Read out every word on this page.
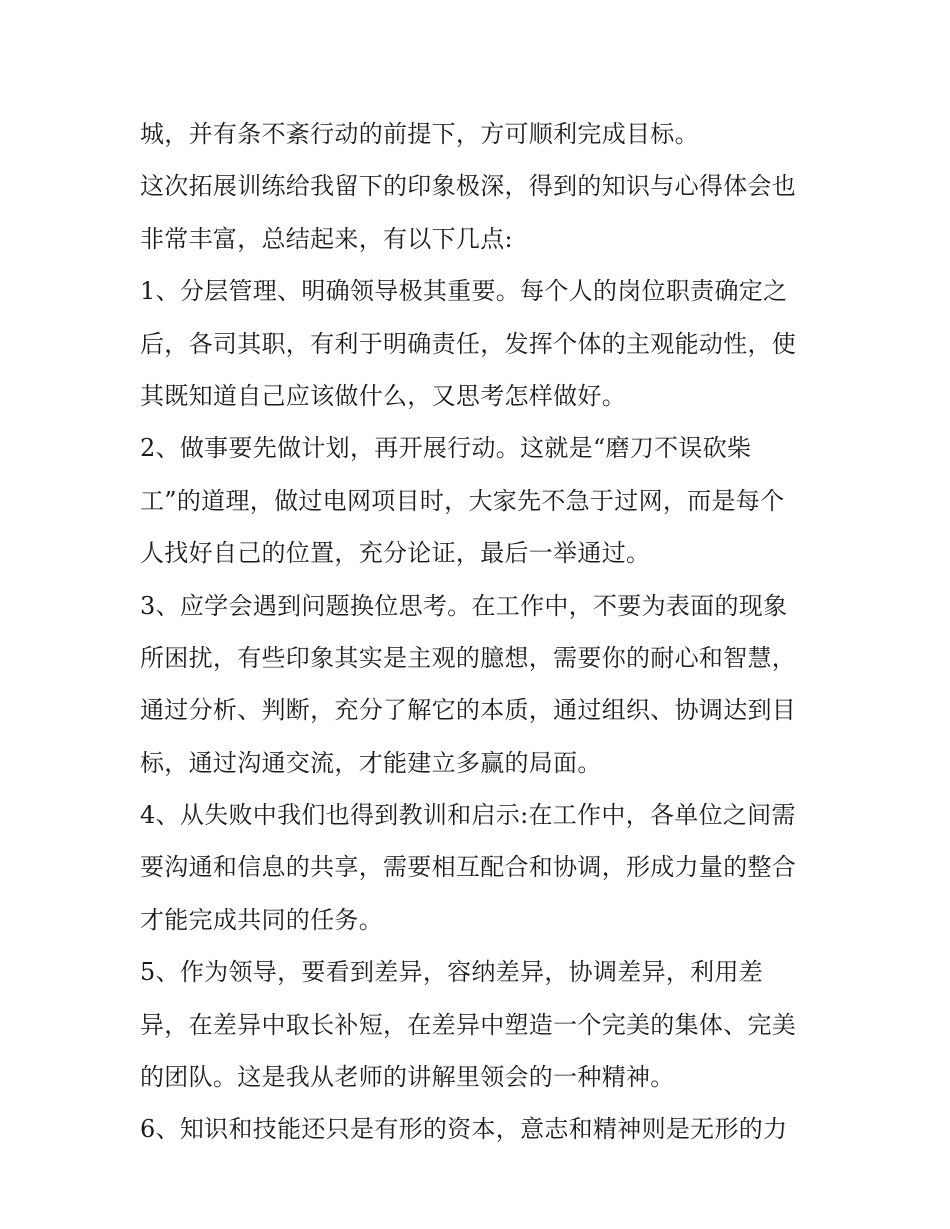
城，并有条不紊行动的前提下，方可顺利完成目标。
这次拓展训练给我留下的印象极深，得到的知识与心得体会也
非常丰富，总结起来，有以下几点:
1、分层管理、明确领导极其重要。每个人的岗位职责确定之
后，各司其职，有利于明确责任，发挥个体的主观能动性，使
其既知道自己应该做什么，又思考怎样做好。
2、做事要先做计划，再开展行动。这就是“磨刀不误砍柴
工”的道理，做过电网项目时，大家先不急于过网，而是每个
人找好自己的位置，充分论证，最后一举通过。
3、应学会遇到问题换位思考。在工作中，不要为表面的现象
所困扰，有些印象其实是主观的臆想，需要你的耐心和智慧，
通过分析、判断，充分了解它的本质，通过组织、协调达到目
标，通过沟通交流，才能建立多赢的局面。
4、从失败中我们也得到教训和启示:在工作中，各单位之间需
要沟通和信息的共享，需要相互配合和协调，形成力量的整合
才能完成共同的任务。
5、作为领导，要看到差异，容纳差异，协调差异，利用差
异，在差异中取长补短，在差异中塑造一个完美的集体、完美
的团队。这是我从老师的讲解里领会的一种精神。
6、知识和技能还只是有形的资本，意志和精神则是无形的力
